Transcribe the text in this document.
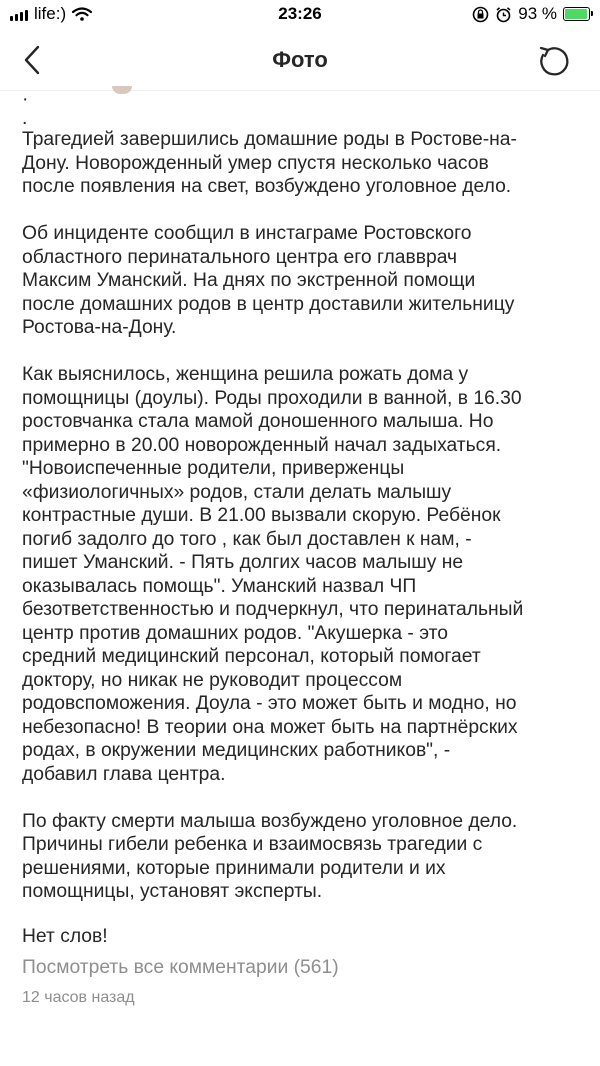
life:)	23:26	93 %
Фото
·
.

Трагедией завершились домашние роды в Ростове-на-
Дону. Новорожденный умер спустя несколько часов
после появления на свет, возбуждено уголовное дело.

Об инциденте сообщил в инстаграме Ростовского
областного перинатального центра его главврач
Максим Уманский. На днях по экстренной помощи
после домашних родов в центр доставили жительницу
Ростова-на-Дону.

Как выяснилось, женщина решила рожать дома у
помощницы (доулы). Роды проходили в ванной, в 16.30
ростовчанка стала мамой доношенного малыша. Но
примерно в 20.00 новорожденный начал задыхаться.
"Новоиспеченные родители, приверженцы
«физиологичных» родов, стали делать малышу
контрастные души. В 21.00 вызвали скорую. Ребёнок
погиб задолго до того , как был доставлен к нам, -
пишет Уманский. - Пять долгих часов малышу не
оказывалась помощь". Уманский назвал ЧП
безответственностью и подчеркнул, что перинатальный
центр против домашних родов. "Акушерка - это
средний медицинский персонал, который помогает
доктору, но никак не руководит процессом
родовспоможения. Доула - это может быть и модно, но
небезопасно! В теории она может быть на партнёрских
родах, в окружении медицинских работников", -
добавил глава центра.

По факту смерти малыша возбуждено уголовное дело.
Причины гибели ребенка и взаимосвязь трагедии с
решениями, которые принимали родители и их
помощницы, установят эксперты.

Нет слов!

Посмотреть все комментарии (561)
12 часов назад
